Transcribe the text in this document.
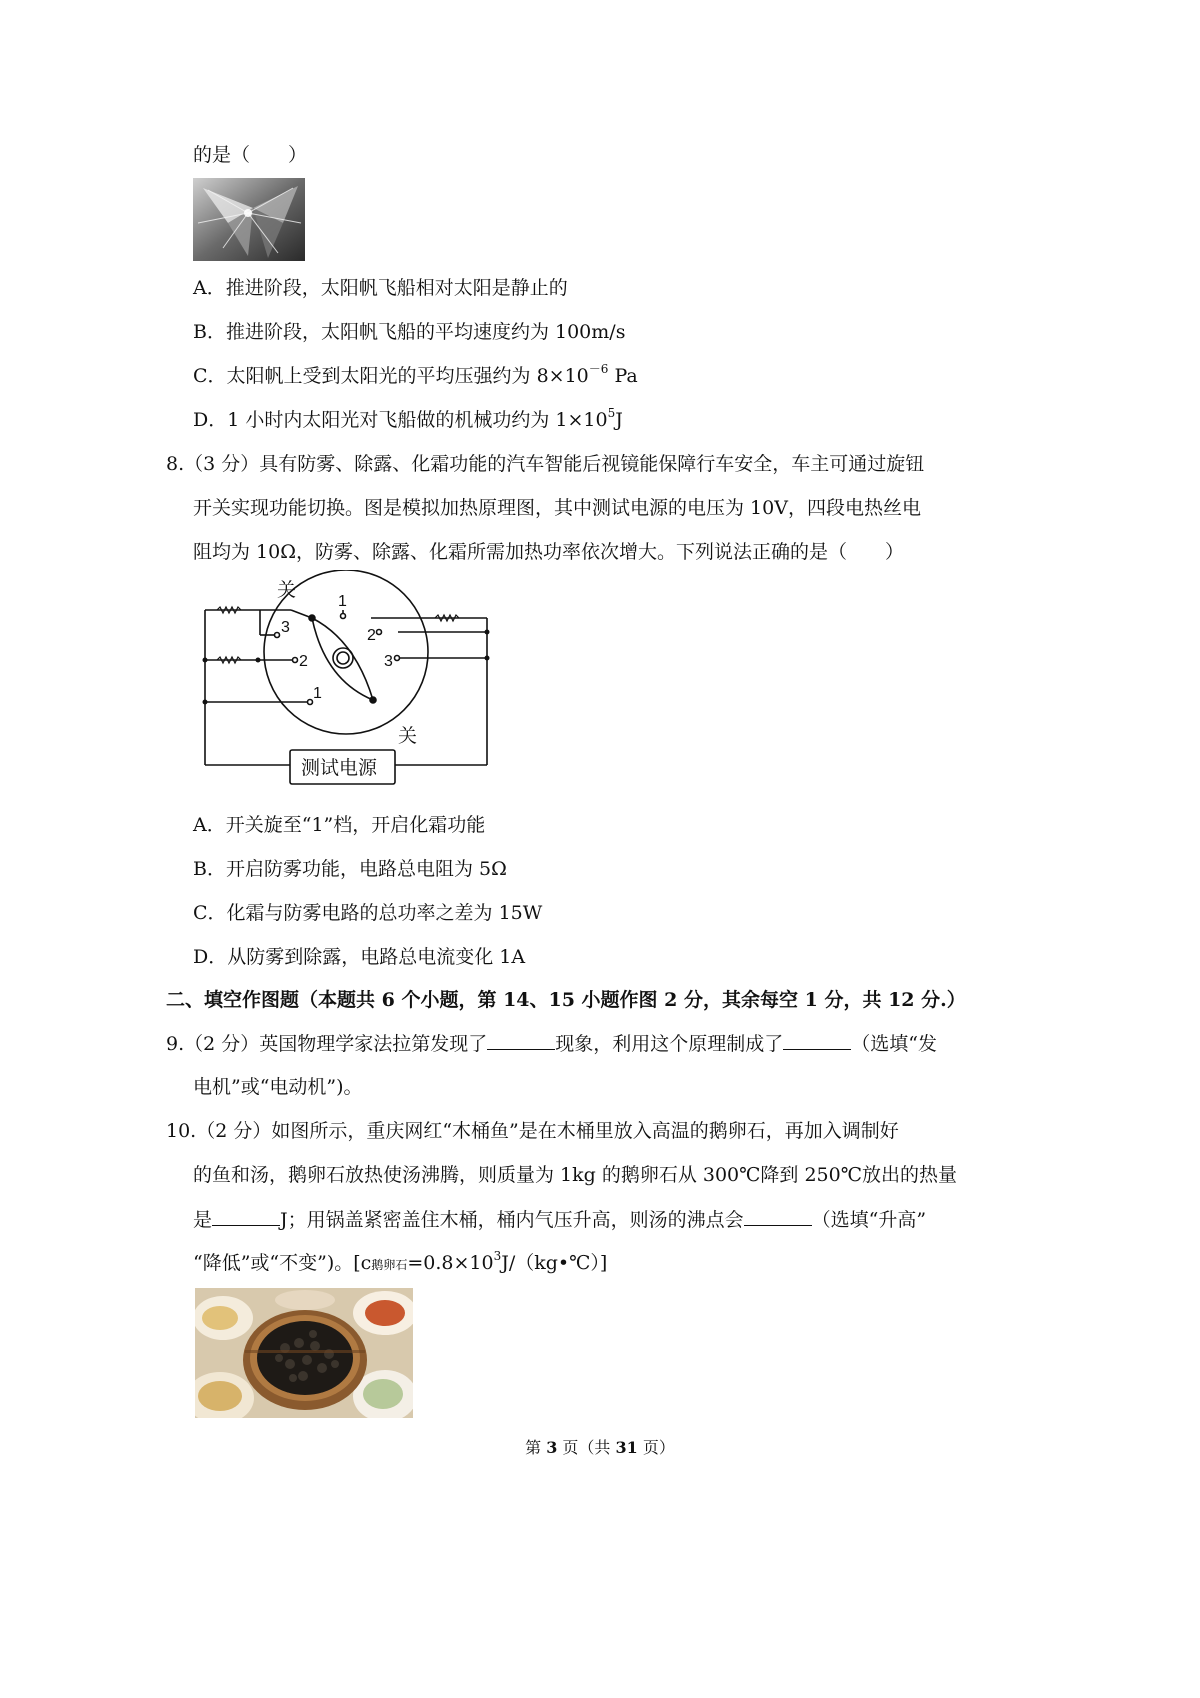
的是（　　）
A．推进阶段，太阳帆飞船相对太阳是静止的
B．推进阶段，太阳帆飞船的平均速度约为 100m/s
C．太阳帆上受到太阳光的平均压强约为 $8\times 10^{-6}$ Pa
D．1 小时内太阳光对飞船做的机械功约为 $1\times 10^5J$
8.（3 分）具有防雾、除露、化霜功能的汽车智能后视镜能保障行车安全，车主可通过旋钮
开关实现功能切换。图是模拟加热原理图，其中测试电源的电压为 10V，四段电热丝电
阻均为 10Ω，防雾、除露、化霜所需加热功率依次增大。下列说法正确的是（　　）
关
关
测试电源
3
2
1
1
2
3
A．开关旋至“1”档，开启化霜功能
B．开启防雾功能，电路总电阻为 5Ω
C．化霜与防雾电路的总功率之差为 15W
D．从防雾到除露，电路总电流变化 1A
二、填空作图题（本题共 6 个小题，第 14、15 小题作图 2 分，其余每空 1 分，共 12 分.）
9.（2 分）英国物理学家法拉第发现了	现象，利用这个原理制成了	（选填“发
电机”或“电动机”)。
10.（2 分）如图所示，重庆网红“木桶鱼”是在木桶里放入高温的鹅卵石，再加入调制好
的鱼和汤，鹅卵石放热使汤沸腾，则质量为 1kg 的鹅卵石从 300℃降到 250℃放出的热量
是	J；用锅盖紧密盖住木桶，桶内气压升高，则汤的沸点会	（选填“升高”
“降低”或“不变”)。[c鹅卵石$=0.8\times 10^3J/(kg•℃)$]
第 3 页（共 31 页）
